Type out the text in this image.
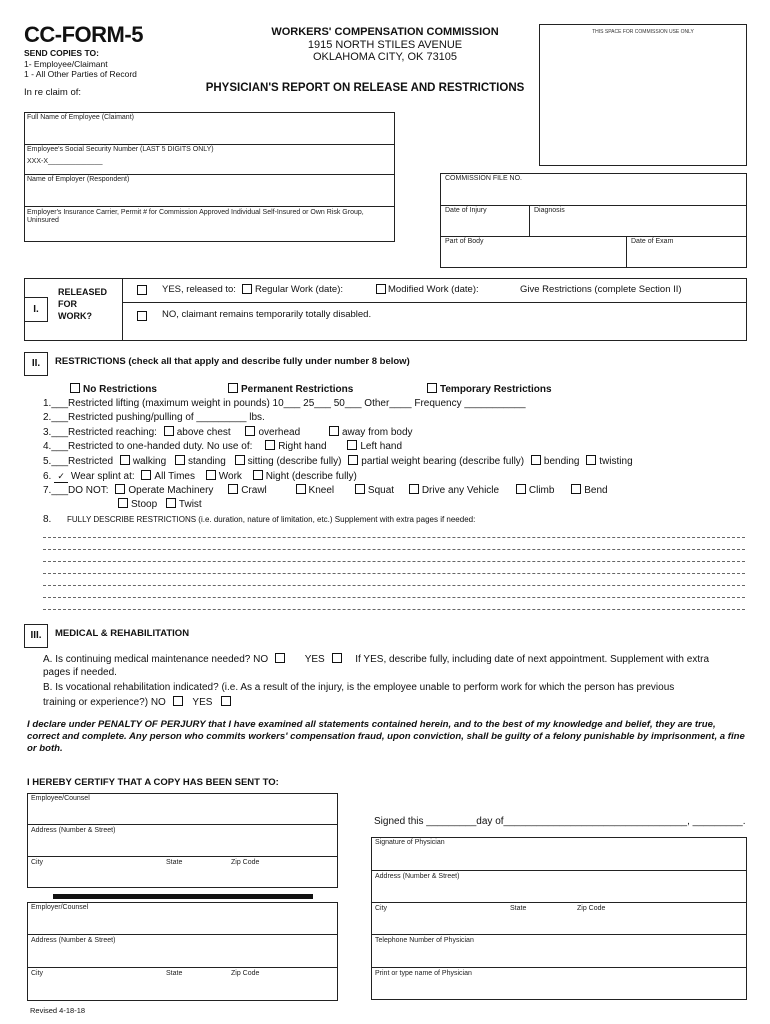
CC-FORM-5
SEND COPIES TO:
1- Employee/Claimant
1 - All Other Parties of Record
In re claim of:
WORKERS' COMPENSATION COMMISSION
1915 NORTH STILES AVENUE
OKLAHOMA CITY, OK 73105
PHYSICIAN'S REPORT ON RELEASE AND RESTRICTIONS
THIS SPACE FOR COMMISSION USE ONLY
Full Name of Employee (Claimant)
Employee's Social Security Number (LAST 5 DIGITS ONLY)
XXX-X______________
Name of Employer (Respondent)
Employer's Insurance Carrier, Permit # for Commission Approved Individual Self-Insured or Own Risk Group, Uninsured
COMMISSION FILE NO.
Date of Injury	Diagnosis
Part of Body	Date of Exam
I.
RELEASED
FOR
WORK?
YES, released to: Regular Work (date):	Modified Work (date):	Give Restrictions (complete Section II)
NO, claimant remains temporarily totally disabled.
II.	RESTRICTIONS (check all that apply and describe fully under number 8 below)
No Restrictions	Permanent Restrictions	Temporary Restrictions
1.___Restricted lifting (maximum weight in pounds) 10___ 25___ 50___ Other____ Frequency ___________
2.___Restricted pushing/pulling of _________ lbs.
3.___Restricted reaching: above chest	overhead	away from body
4.___Restricted to one-handed duty. No use of:	Right hand	Left hand
5.___Restricted walking standing sitting (describe fully) partial weight bearing (describe fully) bending twisting
6. ✓ Wear splint at: All Times Work Night (describe fully)
7.___DO NOT: Operate Machinery	Crawl	Kneel	Squat	Drive any Vehicle	Climb	Bend
Stoop Twist
8. FULLY DESCRIBE RESTRICTIONS (i.e. duration, nature of limitation, etc.) Supplement with extra pages if needed:
III.	MEDICAL & REHABILITATION
A. Is continuing medical maintenance needed? NO	YES	If YES, describe fully, including date of next appointment. Supplement with extra
pages if needed.
B. Is vocational rehabilitation indicated? (i.e. As a result of the injury, is the employee unable to perform work for which the person has previous
training or experience?) NO	YES
I declare under PENALTY OF PERJURY that I have examined all statements contained herein, and to the best of my knowledge and belief, they are true, correct and complete. Any person who commits workers' compensation fraud, upon conviction, shall be guilty of a felony punishable by imprisonment, a fine or both.
I HEREBY CERTIFY THAT A COPY HAS BEEN SENT TO:
Employee/Counsel
Address (Number & Street)
City	State	Zip Code
Employer/Counsel
Address (Number & Street)
City	State	Zip Code
Signed this _________day of_________________________________, _________.
Signature of Physician
Address (Number & Street)
City	State	Zip Code
Telephone Number of Physician
Print or type name of Physician
Revised 4-18-18
